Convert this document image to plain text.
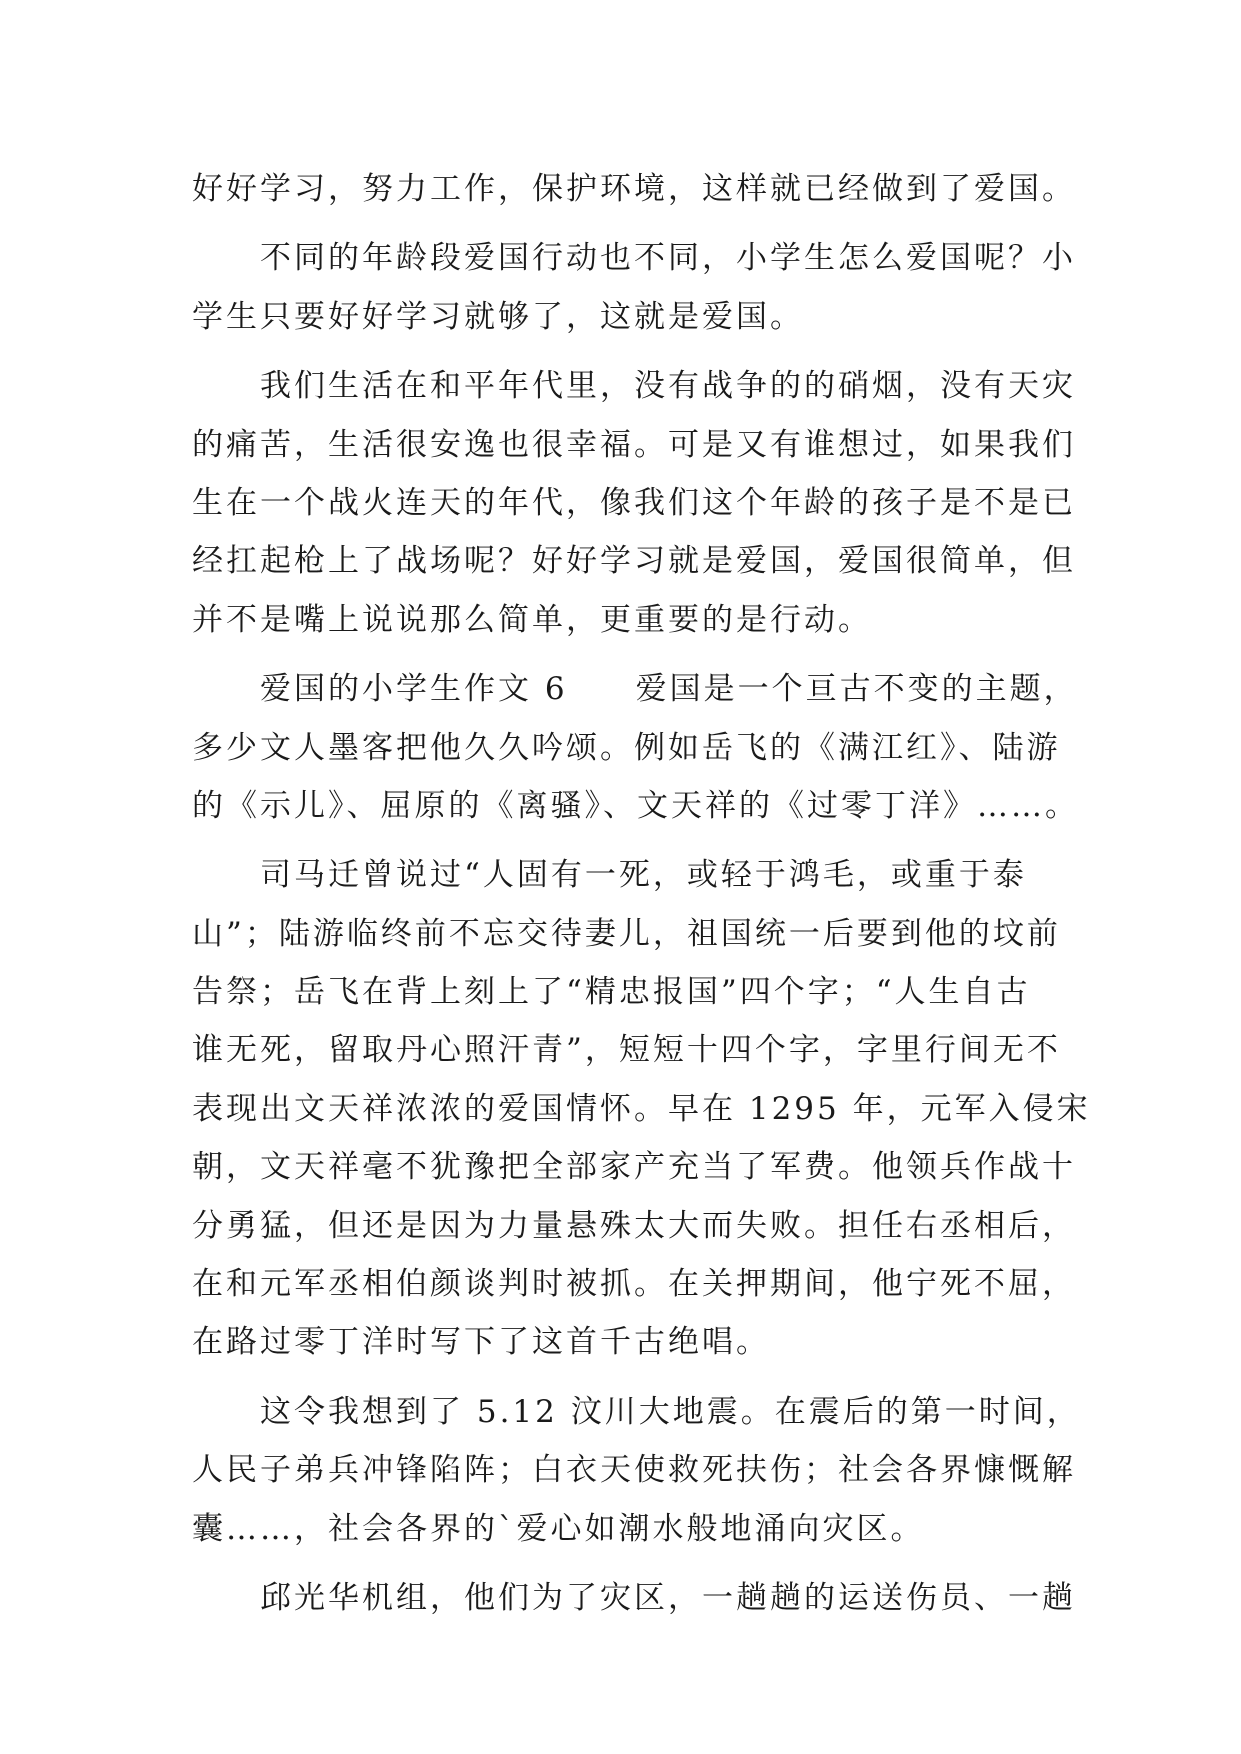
好好学习，努力工作，保护环境，这样就已经做到了爱国。
不同的年龄段爱国行动也不同，小学生怎么爱国呢？小
学生只要好好学习就够了，这就是爱国。
我们生活在和平年代里，没有战争的的硝烟，没有天灾
的痛苦，生活很安逸也很幸福。可是又有谁想过，如果我们
生在一个战火连天的年代，像我们这个年龄的孩子是不是已
经扛起枪上了战场呢？好好学习就是爱国，爱国很简单，但
并不是嘴上说说那么简单，更重要的是行动。
爱国的小学生作文 6　　爱国是一个亘古不变的主题，
多少文人墨客把他久久吟颂。例如岳飞的《满江红》、陆游
的《示儿》、屈原的《离骚》、文天祥的《过零丁洋》……。
司马迁曾说过“人固有一死，或轻于鸿毛，或重于泰
山”；陆游临终前不忘交待妻儿，祖国统一后要到他的坟前
告祭；岳飞在背上刻上了“精忠报国”四个字；“人生自古
谁无死，留取丹心照汗青”，短短十四个字，字里行间无不
表现出文天祥浓浓的爱国情怀。早在 1295 年，元军入侵宋
朝，文天祥毫不犹豫把全部家产充当了军费。他领兵作战十
分勇猛，但还是因为力量悬殊太大而失败。担任右丞相后，
在和元军丞相伯颜谈判时被抓。在关押期间，他宁死不屈，
在路过零丁洋时写下了这首千古绝唱。
这令我想到了 5.12 汶川大地震。在震后的第一时间，
人民子弟兵冲锋陷阵；白衣天使救死扶伤；社会各界慷慨解
囊……，社会各界的`爱心如潮水般地涌向灾区。
邱光华机组，他们为了灾区，一趟趟的运送伤员、一趟
